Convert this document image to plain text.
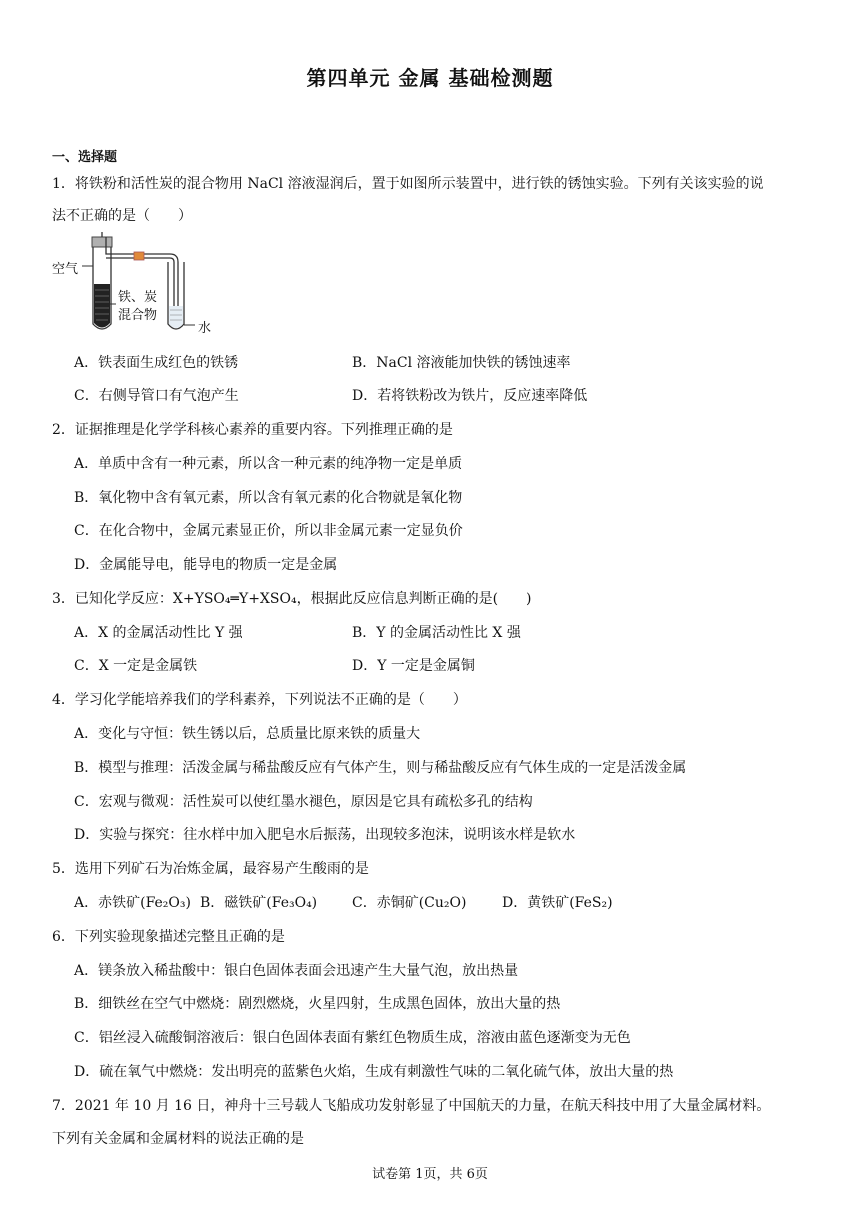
第四单元 金属 基础检测题
一、选择题
1．将铁粉和活性炭的混合物用 NaCl 溶液湿润后，置于如图所示装置中，进行铁的锈蚀实验。下列有关该实验的说
法不正确的是（　　）
空气
铁、炭
混合物
水
A．铁表面生成红色的铁锈	B．NaCl 溶液能加快铁的锈蚀速率
C．右侧导管口有气泡产生	D．若将铁粉改为铁片，反应速率降低
2．证据推理是化学学科核心素养的重要内容。下列推理正确的是
A．单质中含有一种元素，所以含一种元素的纯净物一定是单质
B．氧化物中含有氧元素，所以含有氧元素的化合物就是氧化物
C．在化合物中，金属元素显正价，所以非金属元素一定显负价
D．金属能导电，能导电的物质一定是金属
3．已知化学反应：X+YSO₄═Y+XSO₄，根据此反应信息判断正确的是(　　)
A．X 的金属活动性比 Y 强	B．Y 的金属活动性比 X 强
C．X 一定是金属铁	D．Y 一定是金属铜
4．学习化学能培养我们的学科素养，下列说法不正确的是（　　）
A．变化与守恒：铁生锈以后，总质量比原来铁的质量大
B．模型与推理：活泼金属与稀盐酸反应有气体产生，则与稀盐酸反应有气体生成的一定是活泼金属
C．宏观与微观：活性炭可以使红墨水褪色，原因是它具有疏松多孔的结构
D．实验与探究：往水样中加入肥皂水后振荡，出现较多泡沫，说明该水样是软水
5．选用下列矿石为冶炼金属，最容易产生酸雨的是
A．赤铁矿(Fe₂O₃) B．磁铁矿(Fe₃O₄) C．赤铜矿(Cu₂O)	D．黄铁矿(FeS₂)
6．下列实验现象描述完整且正确的是
A．镁条放入稀盐酸中：银白色固体表面会迅速产生大量气泡，放出热量
B．细铁丝在空气中燃烧：剧烈燃烧，火星四射，生成黑色固体，放出大量的热
C．铝丝浸入硫酸铜溶液后：银白色固体表面有紫红色物质生成，溶液由蓝色逐渐变为无色
D．硫在氧气中燃烧：发出明亮的蓝紫色火焰，生成有刺激性气味的二氧化硫气体，放出大量的热
7．2021 年 10 月 16 日，神舟十三号载人飞船成功发射彰显了中国航天的力量，在航天科技中用了大量金属材料。
下列有关金属和金属材料的说法正确的是
试卷第 1页，共 6页
